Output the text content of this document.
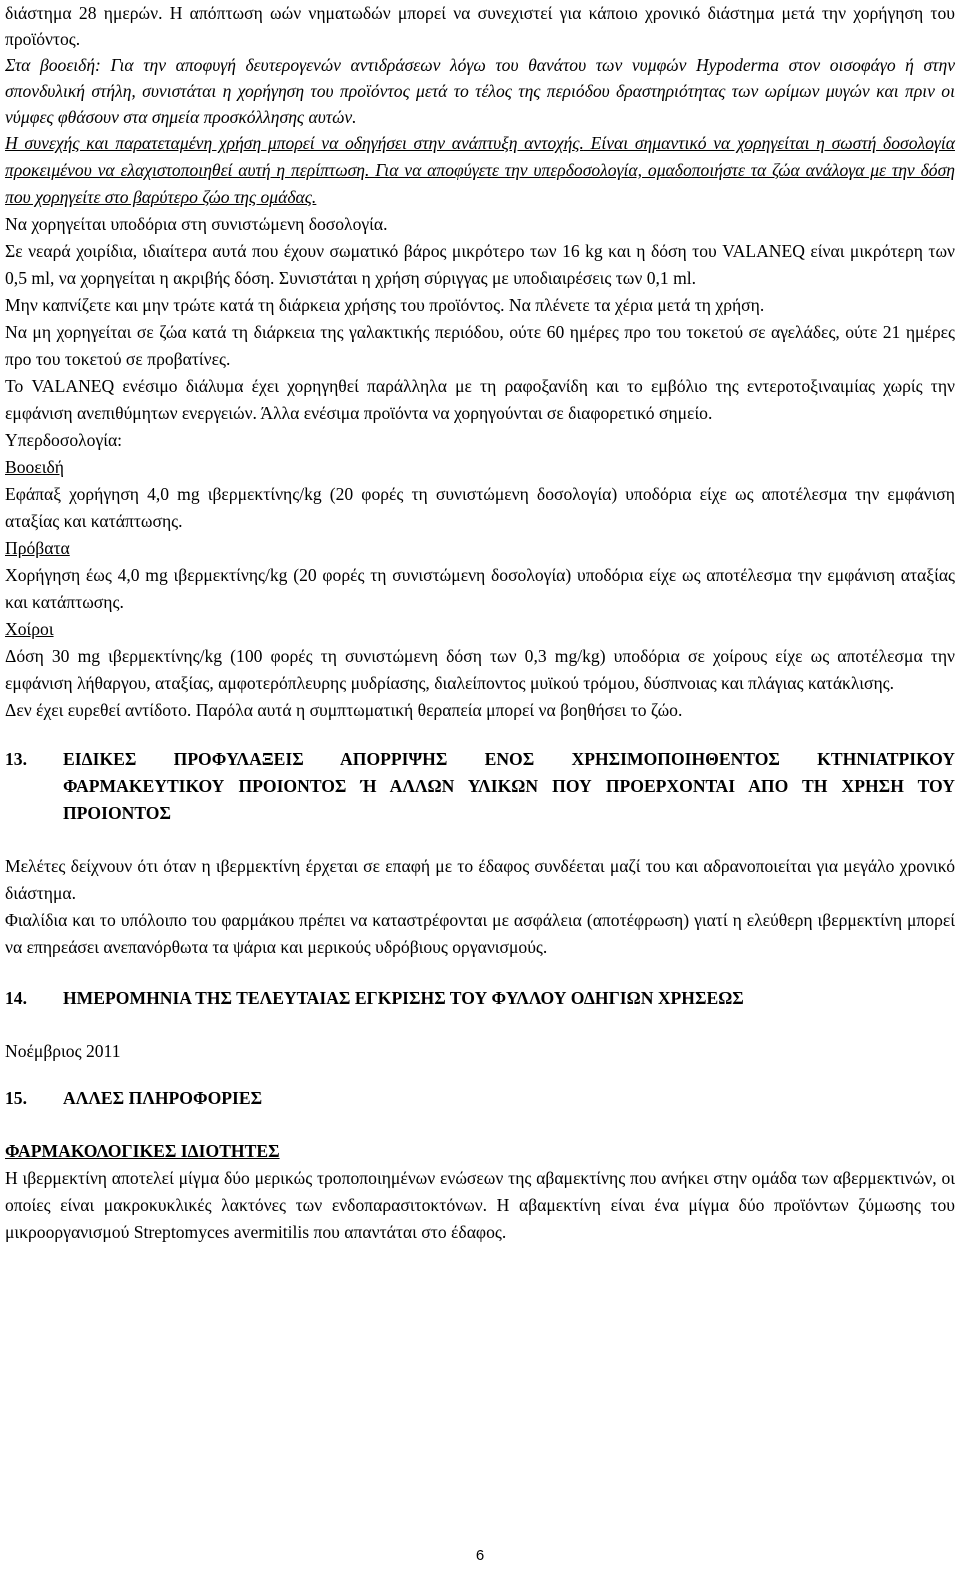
διάστημα 28 ημερών. Η απόπτωση ωών νηματωδών μπορεί να συνεχιστεί για κάποιο χρονικό διάστημα μετά την χορήγηση του προϊόντος.

Στα βοοειδή: Για την αποφυγή δευτερογενών αντιδράσεων λόγω του θανάτου των νυμφών Hypoderma στον οισοφάγο ή στην σπονδυλική στήλη, συνιστάται η χορήγηση του προϊόντος μετά το τέλος της περιόδου δραστηριότητας των ωρίμων μυγών και πριν οι νύμφες φθάσουν στα σημεία προσκόλλησης αυτών.

Η συνεχής και παρατεταμένη χρήση μπορεί να οδηγήσει στην ανάπτυξη αντοχής. Είναι σημαντικό να χορηγείται η σωστή δοσολογία προκειμένου να ελαχιστοποιηθεί αυτή η περίπτωση. Για να αποφύγετε την υπερδοσολογία, ομαδοποιήστε τα ζώα ανάλογα με την δόση που χορηγείτε στο βαρύτερο ζώο της ομάδας.

Να χορηγείται υποδόρια στη συνιστώμενη δοσολογία.

Σε νεαρά χοιρίδια, ιδιαίτερα αυτά που έχουν σωματικό βάρος μικρότερο των 16 kg και η δόση του VALANEQ είναι μικρότερη των 0,5 ml, να χορηγείται η ακριβής δόση. Συνιστάται η χρήση σύριγγας με υποδιαιρέσεις των 0,1 ml.

Μην καπνίζετε και μην τρώτε κατά τη διάρκεια χρήσης του προϊόντος. Να πλένετε τα χέρια μετά τη χρήση.

Να μη χορηγείται σε ζώα κατά τη διάρκεια της γαλακτικής περιόδου, ούτε 60 ημέρες προ του τοκετού σε αγελάδες, ούτε 21 ημέρες προ του τοκετού σε προβατίνες.

Το VALANEQ ενέσιμο διάλυμα έχει χορηγηθεί παράλληλα με τη ραφοξανίδη και το εμβόλιο της εντεροτοξιναιμίας χωρίς την εμφάνιση ανεπιθύμητων ενεργειών. Άλλα ενέσιμα προϊόντα να χορηγούνται σε διαφορετικό σημείο.

Υπερδοσολογία:

Βοοειδή

Εφάπαξ χορήγηση 4,0 mg ιβερμεκτίνης/kg (20 φορές τη συνιστώμενη δοσολογία) υποδόρια είχε ως αποτέλεσμα την εμφάνιση αταξίας και κατάπτωσης.

Πρόβατα

Χορήγηση έως 4,0 mg ιβερμεκτίνης/kg (20 φορές τη συνιστώμενη δοσολογία) υποδόρια είχε ως αποτέλεσμα την εμφάνιση αταξίας και κατάπτωσης.

Χοίροι

Δόση 30 mg ιβερμεκτίνης/kg (100 φορές τη συνιστώμενη δόση των 0,3 mg/kg) υποδόρια σε χοίρους είχε ως αποτέλεσμα την εμφάνιση λήθαργου, αταξίας, αμφοτερόπλευρης μυδρίασης, διαλείποντος μυϊκού τρόμου, δύσπνοιας και πλάγιας κατάκλισης.

Δεν έχει ευρεθεί αντίδοτο. Παρόλα αυτά η συμπτωματική θεραπεία μπορεί να βοηθήσει το ζώο.

13.	ΕΙΔΙΚΕΣ ΠΡΟΦΥΛΑΞΕΙΣ ΑΠΟΡΡΙΨΗΣ ΕΝΟΣ ΧΡΗΣΙΜΟΠΟΙΗΘΕΝΤΟΣ ΚΤΗΝΙΑΤΡΙΚΟΥ ΦΑΡΜΑΚΕΥΤΙΚΟΥ ΠΡΟΙΟΝΤΟΣ Ή ΑΛΛΩΝ ΥΛΙΚΩΝ ΠΟΥ ΠΡΟΕΡΧΟΝΤΑΙ ΑΠΟ ΤΗ ΧΡΗΣΗ ΤΟΥ ΠΡΟΙΟΝΤΟΣ

Μελέτες δείχνουν ότι όταν η ιβερμεκτίνη έρχεται σε επαφή με το έδαφος συνδέεται μαζί του και αδρανοποιείται για μεγάλο χρονικό διάστημα.

Φιαλίδια και το υπόλοιπο του φαρμάκου πρέπει να καταστρέφονται με ασφάλεια (αποτέφρωση) γιατί η ελεύθερη ιβερμεκτίνη μπορεί να επηρεάσει ανεπανόρθωτα τα ψάρια και μερικούς υδρόβιους οργανισμούς.

14.	ΗΜΕΡΟΜΗΝΙΑ ΤΗΣ ΤΕΛΕΥΤΑΙΑΣ ΕΓΚΡΙΣΗΣ ΤΟΥ ΦΥΛΛΟΥ ΟΔΗΓΙΩΝ ΧΡΗΣΕΩΣ

Νοέμβριος 2011

15.	ΑΛΛΕΣ ΠΛΗΡΟΦΟΡΙΕΣ

ΦΑΡΜΑΚΟΛΟΓΙΚΕΣ ΙΔΙΟΤΗΤΕΣ

Η ιβερμεκτίνη αποτελεί μίγμα δύο μερικώς τροποποιημένων ενώσεων της αβαμεκτίνης που ανήκει στην ομάδα των αβερμεκτινών, οι οποίες είναι μακροκυκλικές λακτόνες των ενδοπαρασιτοκτόνων. Η αβαμεκτίνη είναι ένα μίγμα δύο προϊόντων ζύμωσης του μικροοργανισμού Streptomyces avermitilis που απαντάται στο έδαφος.

6
